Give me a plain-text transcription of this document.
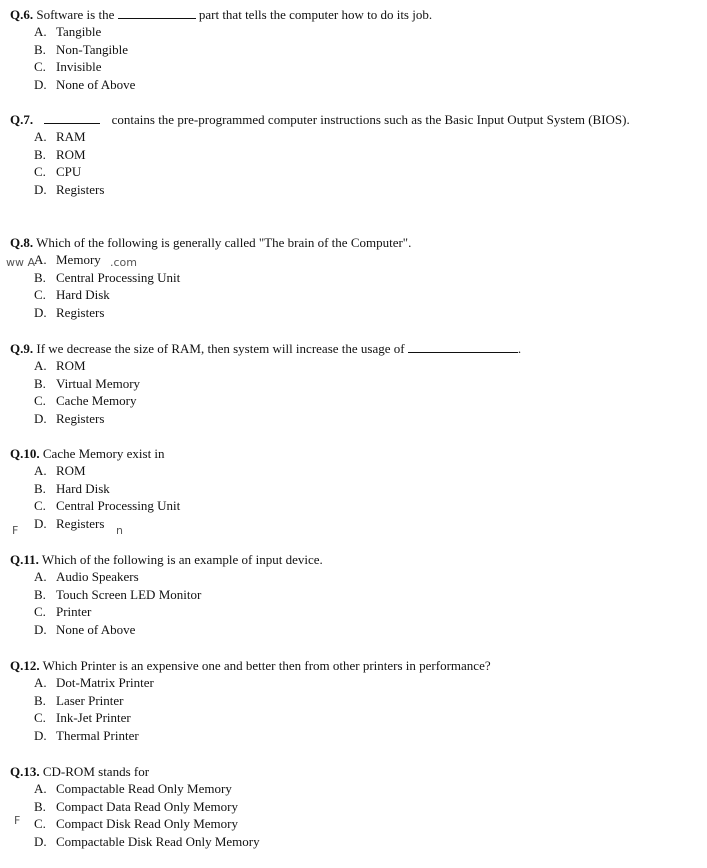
Q.6. Software is the	part that tells the computer how to do its job.
A. Tangible
B. Non-Tangible
C. Invisible
D. None of Above
Q.7.	contains the pre-programmed computer instructions such as the Basic Input Output System (BIOS).
A. RAM
B. ROM
C. CPU
D. Registers
Q.8. Which of the following is generally called "The brain of the Computer".
A. Memory
B. Central Processing Unit
C. Hard Disk
D. Registers
Q.9. If we decrease the size of RAM, then system will increase the usage of	.
A. ROM
B. Virtual Memory
C. Cache Memory
D. Registers
Q.10. Cache Memory exist in
A. ROM
B. Hard Disk
C. Central Processing Unit
D. Registers
Q.11. Which of the following is an example of input device.
A. Audio Speakers
B. Touch Screen LED Monitor
C. Printer
D. None of Above
Q.12. Which Printer is an expensive one and better then from other printers in performance?
A. Dot-Matrix Printer
B. Laser Printer
C. Ink-Jet Printer
D. Thermal Printer
Q.13. CD-ROM stands for
A. Compactable Read Only Memory
B. Compact Data Read Only Memory
C. Compact Disk Read Only Memory
D. Compactable Disk Read Only Memory
ww A	.com
F	n
F
